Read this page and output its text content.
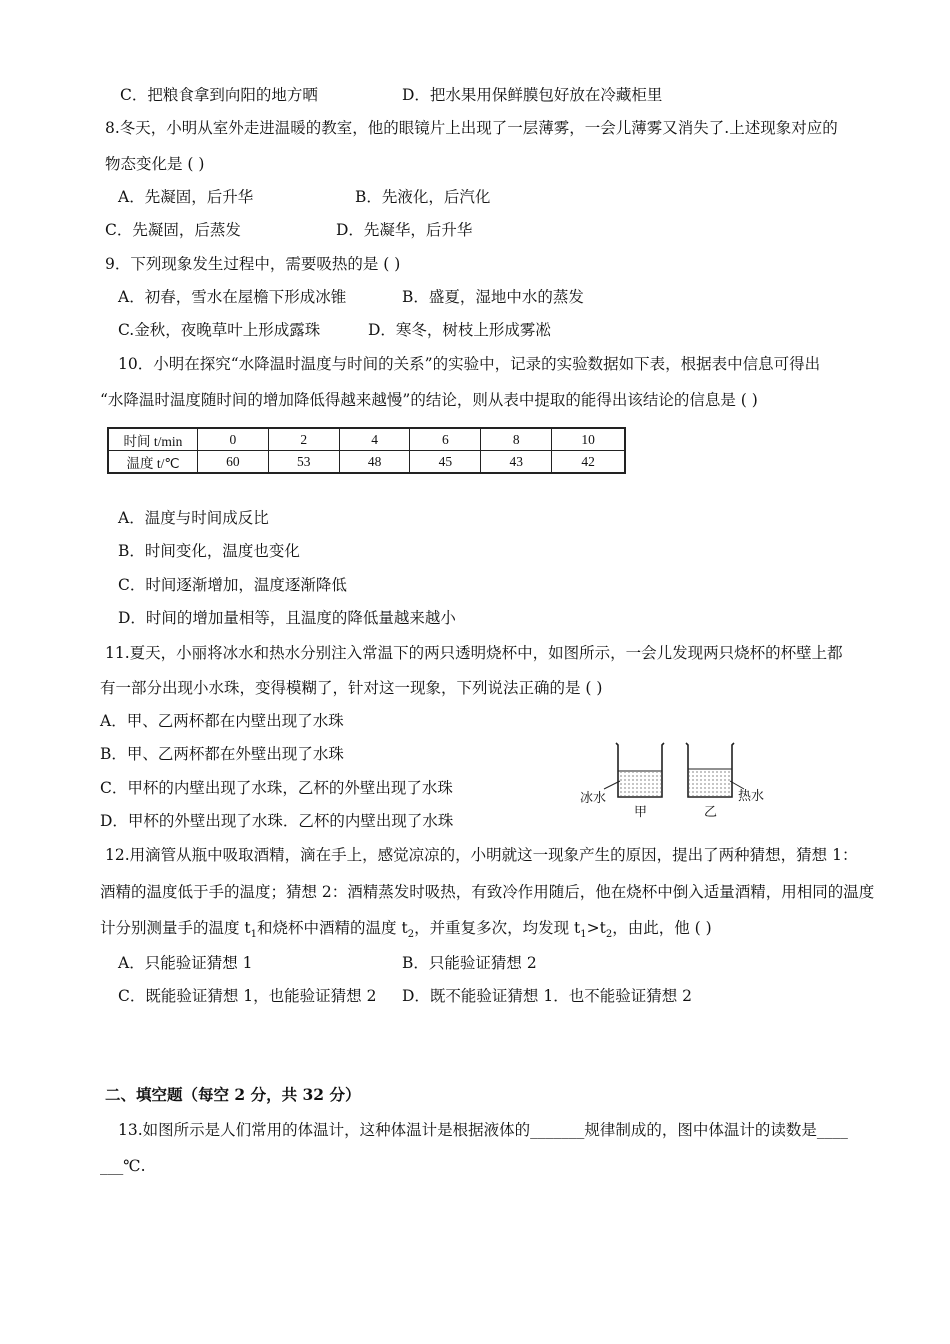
C．把粮食拿到向阳的地方晒	D．把水果用保鲜膜包好放在冷藏柜里
8.冬天，小明从室外走进温暖的教室，他的眼镜片上出现了一层薄雾，一会儿薄雾又消失了.上述现象对应的
物态变化是 ( )
A．先凝固，后升华	B．先液化，后汽化
C．先凝固，后蒸发	D．先凝华，后升华
9．下列现象发生过程中，需要吸热的是 ( )
A．初春，雪水在屋檐下形成冰锥	B．盛夏，湿地中水的蒸发
C.金秋，夜晚草叶上形成露珠	D．寒冬，树枝上形成雾凇
10．小明在探究“水降温时温度与时间的关系”的实验中，记录的实验数据如下表，根据表中信息可得出
“水降温时温度随时间的增加降低得越来越慢”的结论，则从表中提取的能得出该结论的信息是 ( )
时间 t/min	0	2	4	6	8	10
温度 t/℃	60	53	48	45	43	42
A．温度与时间成反比
B．时间变化，温度也变化
C．时间逐渐增加，温度逐渐降低
D．时间的增加量相等，且温度的降低量越来越小
11.夏天，小丽将冰水和热水分别注入常温下的两只透明烧杯中，如图所示，一会儿发现两只烧杯的杯壁上都
有一部分出现小水珠，变得模糊了，针对这一现象，下列说法正确的是 ( )
A．甲、乙两杯都在内壁出现了水珠
B．甲、乙两杯都在外壁出现了水珠
C．甲杯的内壁出现了水珠，乙杯的外壁出现了水珠
D．甲杯的外壁出现了水珠．乙杯的内壁出现了水珠
冰水	热水
甲	乙
12.用滴管从瓶中吸取酒精，滴在手上，感觉凉凉的，小明就这一现象产生的原因，提出了两种猜想，猜想 1：
酒精的温度低于手的温度；猜想 2：酒精蒸发时吸热，有致冷作用随后，他在烧杯中倒入适量酒精，用相同的温度
计分别测量手的温度 $t_1$和烧杯中酒精的温度 $t_2$，并重复多次，均发现 $t_1>t_2$，由此，他 ( )
A．只能验证猜想 1	B．只能验证猜想 2
C．既能验证猜想 1，也能验证猜想 2 D．既不能验证猜想 1．也不能验证猜想 2
二、填空题（每空 2 分，共 32 分）
13.如图所示是人们常用的体温计，这种体温计是根据液体的_______规律制成的，图中体温计的读数是____
___℃.
